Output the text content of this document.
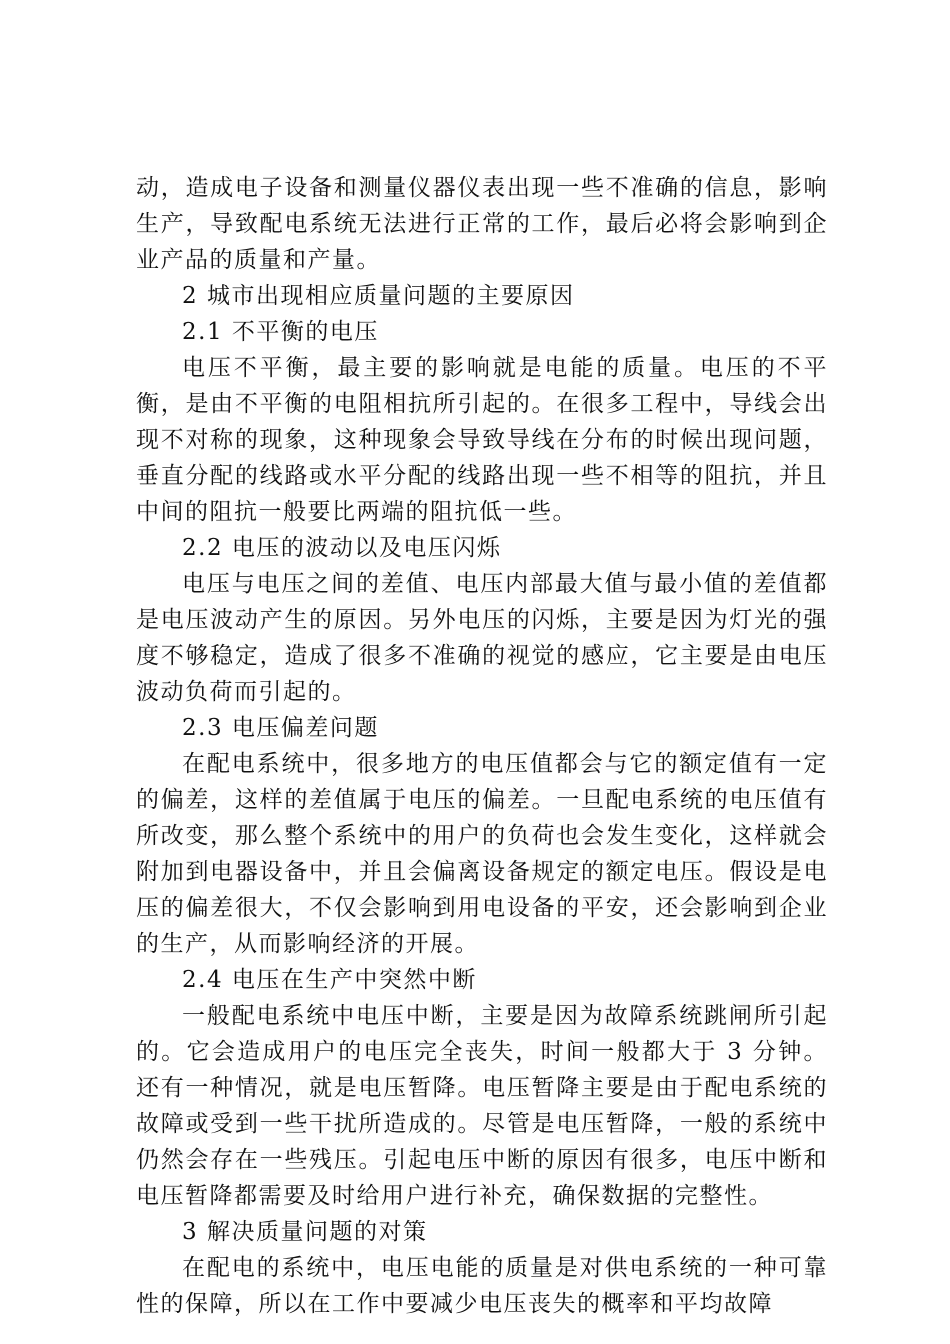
动，造成电子设备和测量仪器仪表出现一些不准确的信息，影响生产，导致配电系统无法进行正常的工作，最后必将会影响到企业产品的质量和产量。

2 城市出现相应质量问题的主要原因

2.1 不平衡的电压

电压不平衡，最主要的影响就是电能的质量。电压的不平衡，是由不平衡的电阻相抗所引起的。在很多工程中，导线会出现不对称的现象，这种现象会导致导线在分布的时候出现问题，垂直分配的线路或水平分配的线路出现一些不相等的阻抗，并且中间的阻抗一般要比两端的阻抗低一些。

2.2 电压的波动以及电压闪烁

电压与电压之间的差值、电压内部最大值与最小值的差值都是电压波动产生的原因。另外电压的闪烁，主要是因为灯光的强度不够稳定，造成了很多不准确的视觉的感应，它主要是由电压波动负荷而引起的。

2.3 电压偏差问题

在配电系统中，很多地方的电压值都会与它的额定值有一定的偏差，这样的差值属于电压的偏差。一旦配电系统的电压值有所改变，那么整个系统中的用户的负荷也会发生变化，这样就会附加到电器设备中，并且会偏离设备规定的额定电压。假设是电压的偏差很大，不仅会影响到用电设备的平安，还会影响到企业的生产，从而影响经济的开展。

2.4 电压在生产中突然中断

一般配电系统中电压中断，主要是因为故障系统跳闸所引起的。它会造成用户的电压完全丧失，时间一般都大于 3 分钟。还有一种情况，就是电压暂降。电压暂降主要是由于配电系统的故障或受到一些干扰所造成的。尽管是电压暂降，一般的系统中仍然会存在一些残压。引起电压中断的原因有很多，电压中断和电压暂降都需要及时给用户进行补充，确保数据的完整性。

3 解决质量问题的对策

在配电的系统中，电压电能的质量是对供电系统的一种可靠性的保障，所以在工作中要减少电压丧失的概率和平均故障
